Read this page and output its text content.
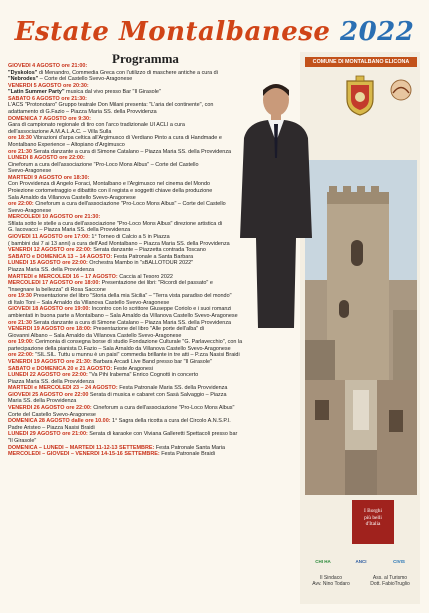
Estate Montalbanese 2022
Programma	COMUNE DI MONTALBANO ELICONA
I Borghi
più belli
d'Italia
CHI HA	ANCI	CIVIS
Il Sindaco
Avv. Nino Todaro
Ass. al Turismo
Dott. FabioTruglio

GIOVEDÌ 4 AGOSTO ore 21:00:

"Dyskolos" di Menandro, Commedia Greca con l'utilizzo di maschere antiche a cura di

"Nebrodes" – Corte del Castello Svevo-Aragonese

VENERDÌ 5 AGOSTO ore 20:30:

"Latin Summer Party" musica dal vivo presso Bar "Il Girasole"

SABATO 6 AGOSTO ore 21:30:

L'ACS "Protonotaro" Gruppo teatrale Don Milani presenta: "L'aria del continente", con

adattamento di G.Fazio – Piazza Maria SS. della Provvidenza

DOMENICA 7 AGOSTO ore 9:30:

Gara di campionato regionale di tiro con l'arco tradizionale UI ACLI a cura

dell'associazione A.M.A.L.A.C. – Villa Sulla

ore 18:30 Vibrazioni d'arpa celtica all'Argimusco di Verdiano Pinto a cura di Handmade e

Montalbano Experience – Altopiano d'Argimusco

ore 21:30 Serata danzante a cura di Simone Catalano – Piazza Maria SS. della Provvidenza

LUNEDÌ 8 AGOSTO ore 22:00:

Cineforum a cura dell'associazione "Pro-Loco Mons Albus" – Corte del Castello

Svevo-Aragonese

MARTEDÌ 9 AGOSTO ore 18:30:

Con Provvidenza di Angelo Foraci, Montalbano e l'Argimusco nel cinema del Mondo

Proiezione cortometraggio e dibattito con il regista e soggetti chiave della produzione

Sala Arnaldo da Villanova Castello Svevo-Aragonese

ore 22:00: Cineforum a cura dell'associazione "Pro-Loco Mons Albus" – Corte del Castello

Svevo-Aragonese

MERCOLEDÌ 10 AGOSTO ore 21:30:

Sfilata sotto le stelle a cura dell'associazione "Pro-Loco Mons Albus" direzione artistica di

G. Iacovacci – Piazza Maria SS. della Provvidenza

GIOVEDÌ 11 AGOSTO ore 17:00: 1° Torneo di Calcio a 5 in Piazza

( bambini dai 7 ai 13 anni) a cura dell'Asd Montalbano – Piazza Maria SS. della Provvidenza

VENERDÌ 12 AGOSTO ore 22:00: Serata danzante – Piazzetta contrada Toscano

SABATO e DOMENICA 13 – 14 AGOSTO: Festa Patronale a Santa Barbara

LUNEDÌ 15 AGOSTO ore 22:00: Orchestra Mambo in "sBALLOTOUR 2022"

Piazza Maria SS. della Provvidenza

MARTEDÌ e MERCOLEDÌ 16 – 17 AGOSTO: Caccia al Tesoro 2022

MERCOLEDÌ 17 AGOSTO ore 18:00: Presentazione dei libri: "Ricordi del passato" e

"Insegnare la bellezza" di Rosa Saccone

ore 19:30 Presentazione del libro "Storia della mia Sicilia" – "Terra vista paradiso del mondo"

di Italo Toni – Sala Arnaldo da Villanova Castello Svevo-Aragonese

GIOVEDÌ 18 AGOSTO ore 19:00: Incontro con lo scrittore Giuseppe Coriolo e i suoi romanzi

ambientati in buona parte a Montalbano – Sala Arnaldo da Villanova Castello Svevo-Aragonese

ore 21:30 Serata danzante a cura di Simone Catalano – Piazza Maria SS. della Provvidenza

VENERDÌ 19 AGOSTO ore 18:00: Presentazione del libro "Alle porte dell'alba" di

Giovanni Albano – Sala Arnaldo da Villanova Castello Svevo-Aragonese

ore 19:00: Cerimonia di consegna borse di studio Fondazione Culturale "G. Parlavecchio", con la

partecipazione della pianista D.Fazio – Sala Arnaldo da Villanova Castello Svevo-Aragonese

ore 22:00: "SIL.SIL. Tuttu u munnu è un paisi" commedia brillante in tre atti – P.zza Nasisi Braidi

VENERDÌ 19 AGOSTO ore 21:30: Barbara Arcadi Live Band presso bar "Il Girasole"

SABATO e DOMENICA 20 e 21 AGOSTO: Feste Aragonesi

LUNEDÌ 22 AGOSTO ore 22:00: "Va Pihi Irabema" Enrico Cognotti in concerto

Piazza Maria SS. della Provvidenza

MARTEDÌ e MERCOLEDÌ 23 – 24 AGOSTO: Festa Patronale Maria SS. della Provvidenza

GIOVEDÌ 25 AGOSTO ore 22:00 Serata di musica e cabaret con Sasà Salvaggio – Piazza

Maria SS. della Provvidenza

VENERDÌ 26 AGOSTO ore 22:00: Cineforum a cura dell'associazione "Pro-Loco Mons Albus"

Corte del Castello Svevo-Aragonese

DOMENICA 28 AGOSTO dalle ore 10.00: 1° Sagra della ricotta a cura del Circolo A.N.S.P.I.

Padre Aristeo – Piazza Nasisi Braidi

LUNEDÌ 29 AGOSTO ore 21:00: Serata di karaoke con Viviana Galleretti Spettacoli presso bar

"Il Girasole"

DOMENICA – LUNEDÌ – MARTEDÌ 11-12-13 SETTEMBRE: Festa Patronale Santa Maria

MERCOLEDÌ – GIOVEDÌ – VENERDÌ 14-15-16 SETTEMBRE: Festa Patronale Braidi
